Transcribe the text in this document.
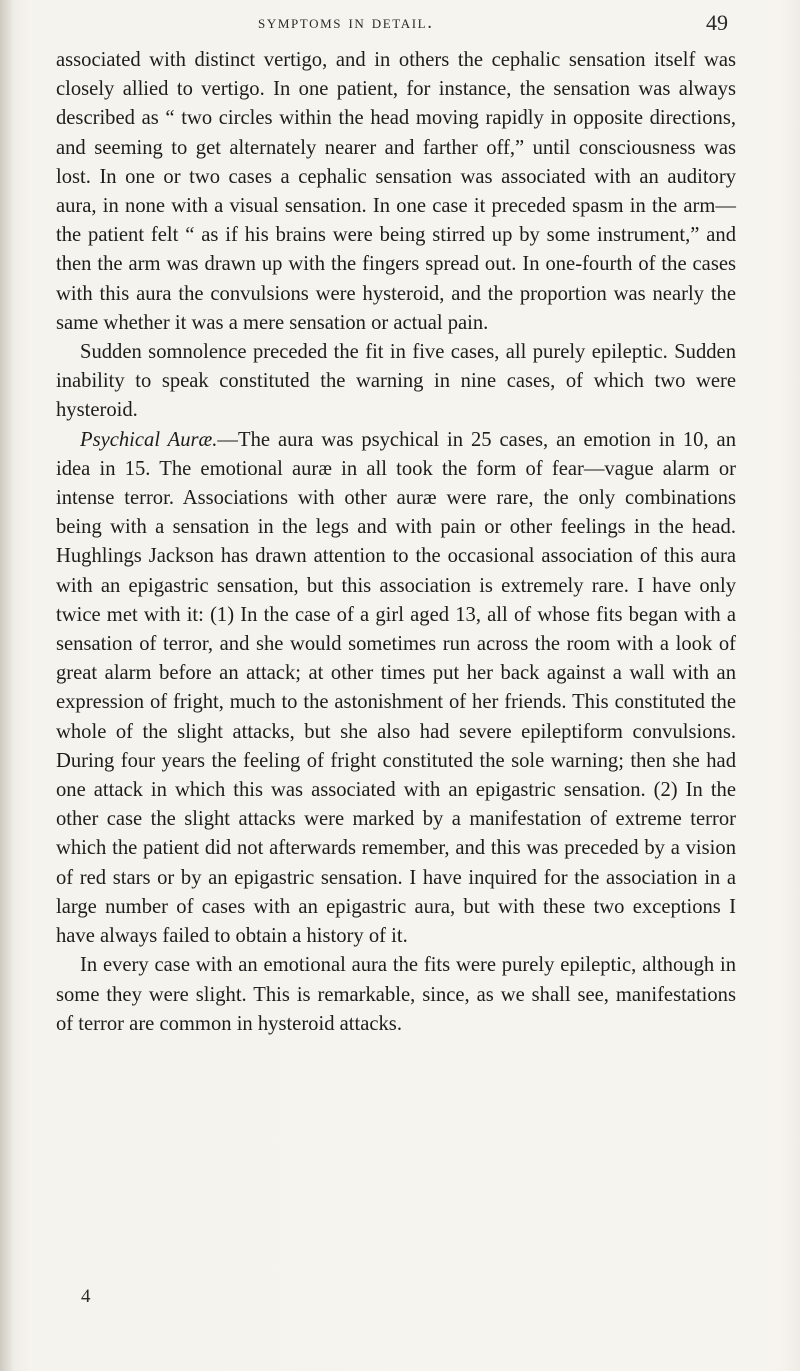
symptoms in detail.	49

associated with distinct vertigo, and in others the cephalic sensation itself was closely allied to vertigo. In one patient, for instance, the sensation was always described as “ two circles within the head moving rapidly in opposite directions, and seeming to get alternately nearer and farther off,” until consciousness was lost. In one or two cases a cephalic sensation was associated with an auditory aura, in none with a visual sensation. In one case it preceded spasm in the arm—the patient felt “ as if his brains were being stirred up by some instrument,” and then the arm was drawn up with the fingers spread out. In one-fourth of the cases with this aura the convulsions were hysteroid, and the proportion was nearly the same whether it was a mere sensation or actual pain.

Sudden somnolence preceded the fit in five cases, all purely epileptic. Sudden inability to speak constituted the warning in nine cases, of which two were hysteroid.

Psychical Auræ.—The aura was psychical in 25 cases, an emotion in 10, an idea in 15. The emotional auræ in all took the form of fear—vague alarm or intense terror. Associations with other auræ were rare, the only combinations being with a sensation in the legs and with pain or other feelings in the head. Hughlings Jackson has drawn attention to the occasional association of this aura with an epigastric sensation, but this association is extremely rare. I have only twice met with it: (1) In the case of a girl aged 13, all of whose fits began with a sensation of terror, and she would sometimes run across the room with a look of great alarm before an attack; at other times put her back against a wall with an expression of fright, much to the astonishment of her friends. This constituted the whole of the slight attacks, but she also had severe epileptiform convulsions. During four years the feeling of fright constituted the sole warning; then she had one attack in which this was associated with an epigastric sensation. (2) In the other case the slight attacks were marked by a manifestation of extreme terror which the patient did not afterwards remember, and this was preceded by a vision of red stars or by an epigastric sensation. I have inquired for the association in a large number of cases with an epigastric aura, but with these two exceptions I have always failed to obtain a history of it.

In every case with an emotional aura the fits were purely epileptic, although in some they were slight. This is remarkable, since, as we shall see, manifestations of terror are common in hysteroid attacks.

4
